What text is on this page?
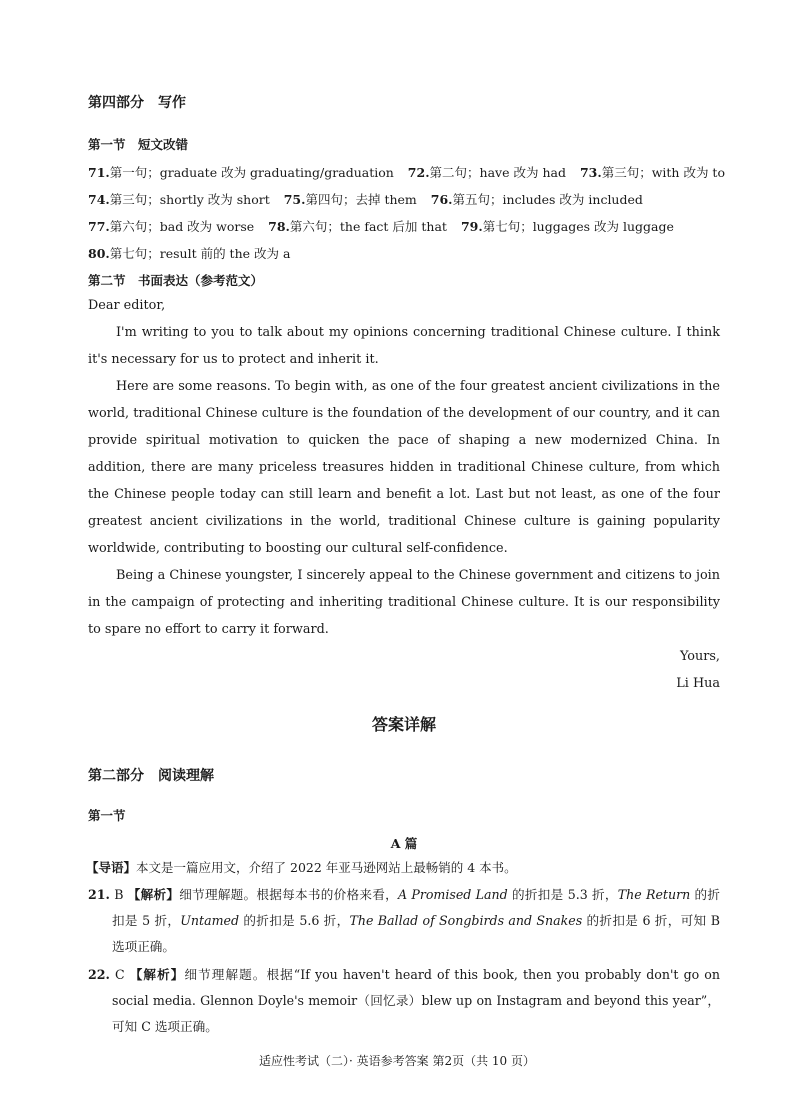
第四部分　写作
第一节　短文改错
71.第一句；graduate 改为 graduating/graduation 72.第二句；have 改为 had 73.第三句；with 改为 to
74.第三句；shortly 改为 short 75.第四句；去掉 them 76.第五句；includes 改为 included
77.第六句；bad 改为 worse 78.第六句；the fact 后加 that 79.第七句；luggages 改为 luggage
80.第七句；result 前的 the 改为 a
第二节　书面表达（参考范文）
Dear editor,
I'm writing to you to talk about my opinions concerning traditional Chinese culture. I think it's necessary for us to protect and inherit it.
Here are some reasons. To begin with, as one of the four greatest ancient civilizations in the world, traditional Chinese culture is the foundation of the development of our country, and it can provide spiritual motivation to quicken the pace of shaping a new modernized China. In addition, there are many priceless treasures hidden in traditional Chinese culture, from which the Chinese people today can still learn and benefit a lot. Last but not least, as one of the four greatest ancient civilizations in the world, traditional Chinese culture is gaining popularity worldwide, contributing to boosting our cultural self-confidence.
Being a Chinese youngster, I sincerely appeal to the Chinese government and citizens to join in the campaign of protecting and inheriting traditional Chinese culture. It is our responsibility to spare no effort to carry it forward.
Yours,
Li Hua
答案详解
第二部分　阅读理解
第一节
A 篇
【导语】本文是一篇应用文，介绍了 2022 年亚马逊网站上最畅销的 4 本书。
21. B 【解析】细节理解题。根据每本书的价格来看，A Promised Land 的折扣是 5.3 折，The Return 的折扣是 5 折，Untamed 的折扣是 5.6 折，The Ballad of Songbirds and Snakes 的折扣是 6 折，可知 B 选项正确。
22. C 【解析】细节理解题。根据“If you haven't heard of this book, then you probably don't go on social media. Glennon Doyle's memoir（回忆录）blew up on Instagram and beyond this year”，可知 C 选项正确。
适应性考试（二）· 英语参考答案 第2页（共 10 页）
